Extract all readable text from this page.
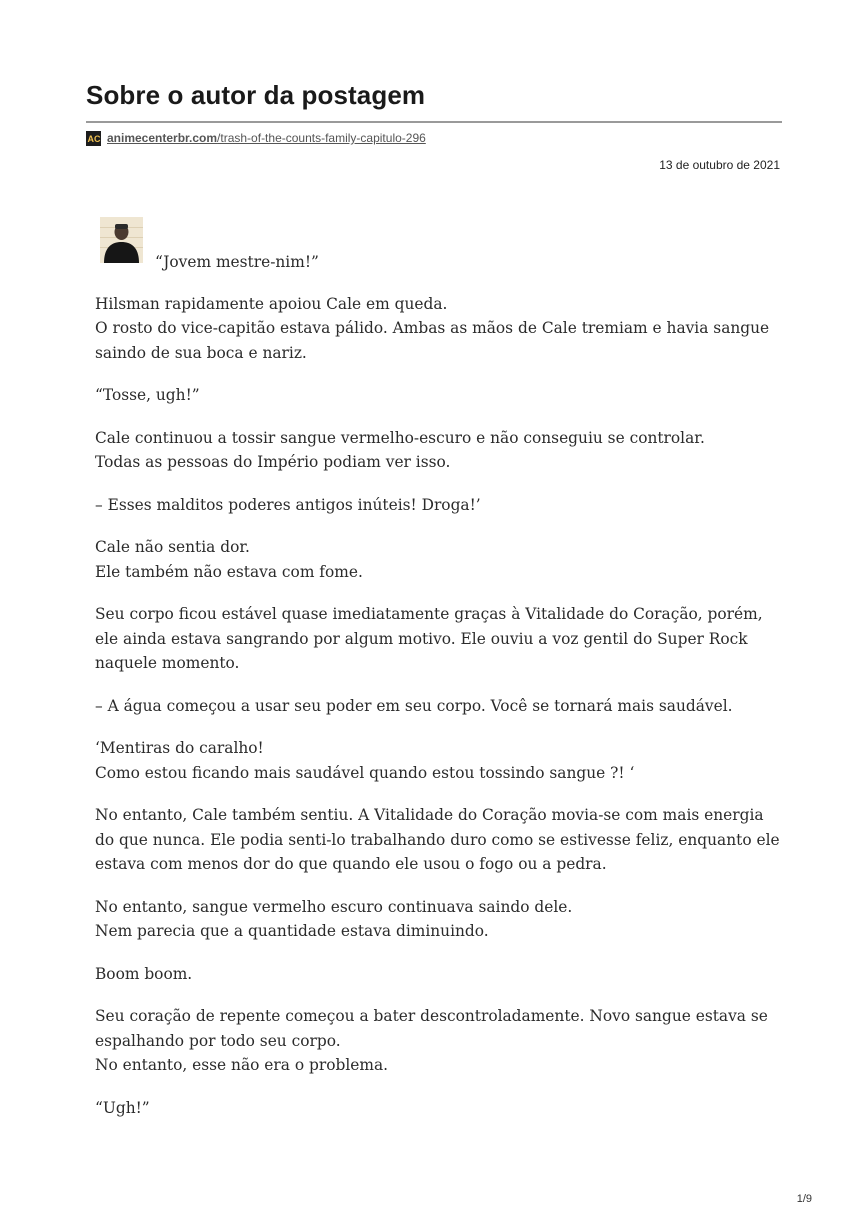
Sobre o autor da postagem
AC animecenterbr.com/trash-of-the-counts-family-capitulo-296
13 de outubro de 2021

“Jovem mestre-nim!”

Hilsman rapidamente apoiou Cale em queda.
O rosto do vice-capitão estava pálido. Ambas as mãos de Cale tremiam e havia sangue saindo de sua boca e nariz.

“Tosse, ugh!”

Cale continuou a tossir sangue vermelho-escuro e não conseguiu se controlar.
Todas as pessoas do Império podiam ver isso.

– Esses malditos poderes antigos inúteis! Droga!’

Cale não sentia dor.
Ele também não estava com fome.

Seu corpo ficou estável quase imediatamente graças à Vitalidade do Coração, porém, ele ainda estava sangrando por algum motivo. Ele ouviu a voz gentil do Super Rock naquele momento.

– A água começou a usar seu poder em seu corpo. Você se tornará mais saudável.

‘Mentiras do caralho!
Como estou ficando mais saudável quando estou tossindo sangue ?! ‘

No entanto, Cale também sentiu. A Vitalidade do Coração movia-se com mais energia do que nunca. Ele podia senti-lo trabalhando duro como se estivesse feliz, enquanto ele estava com menos dor do que quando ele usou o fogo ou a pedra.

No entanto, sangue vermelho escuro continuava saindo dele.
Nem parecia que a quantidade estava diminuindo.

Boom boom.

Seu coração de repente começou a bater descontroladamente. Novo sangue estava se espalhando por todo seu corpo.
No entanto, esse não era o problema.

“Ugh!”

1/9
